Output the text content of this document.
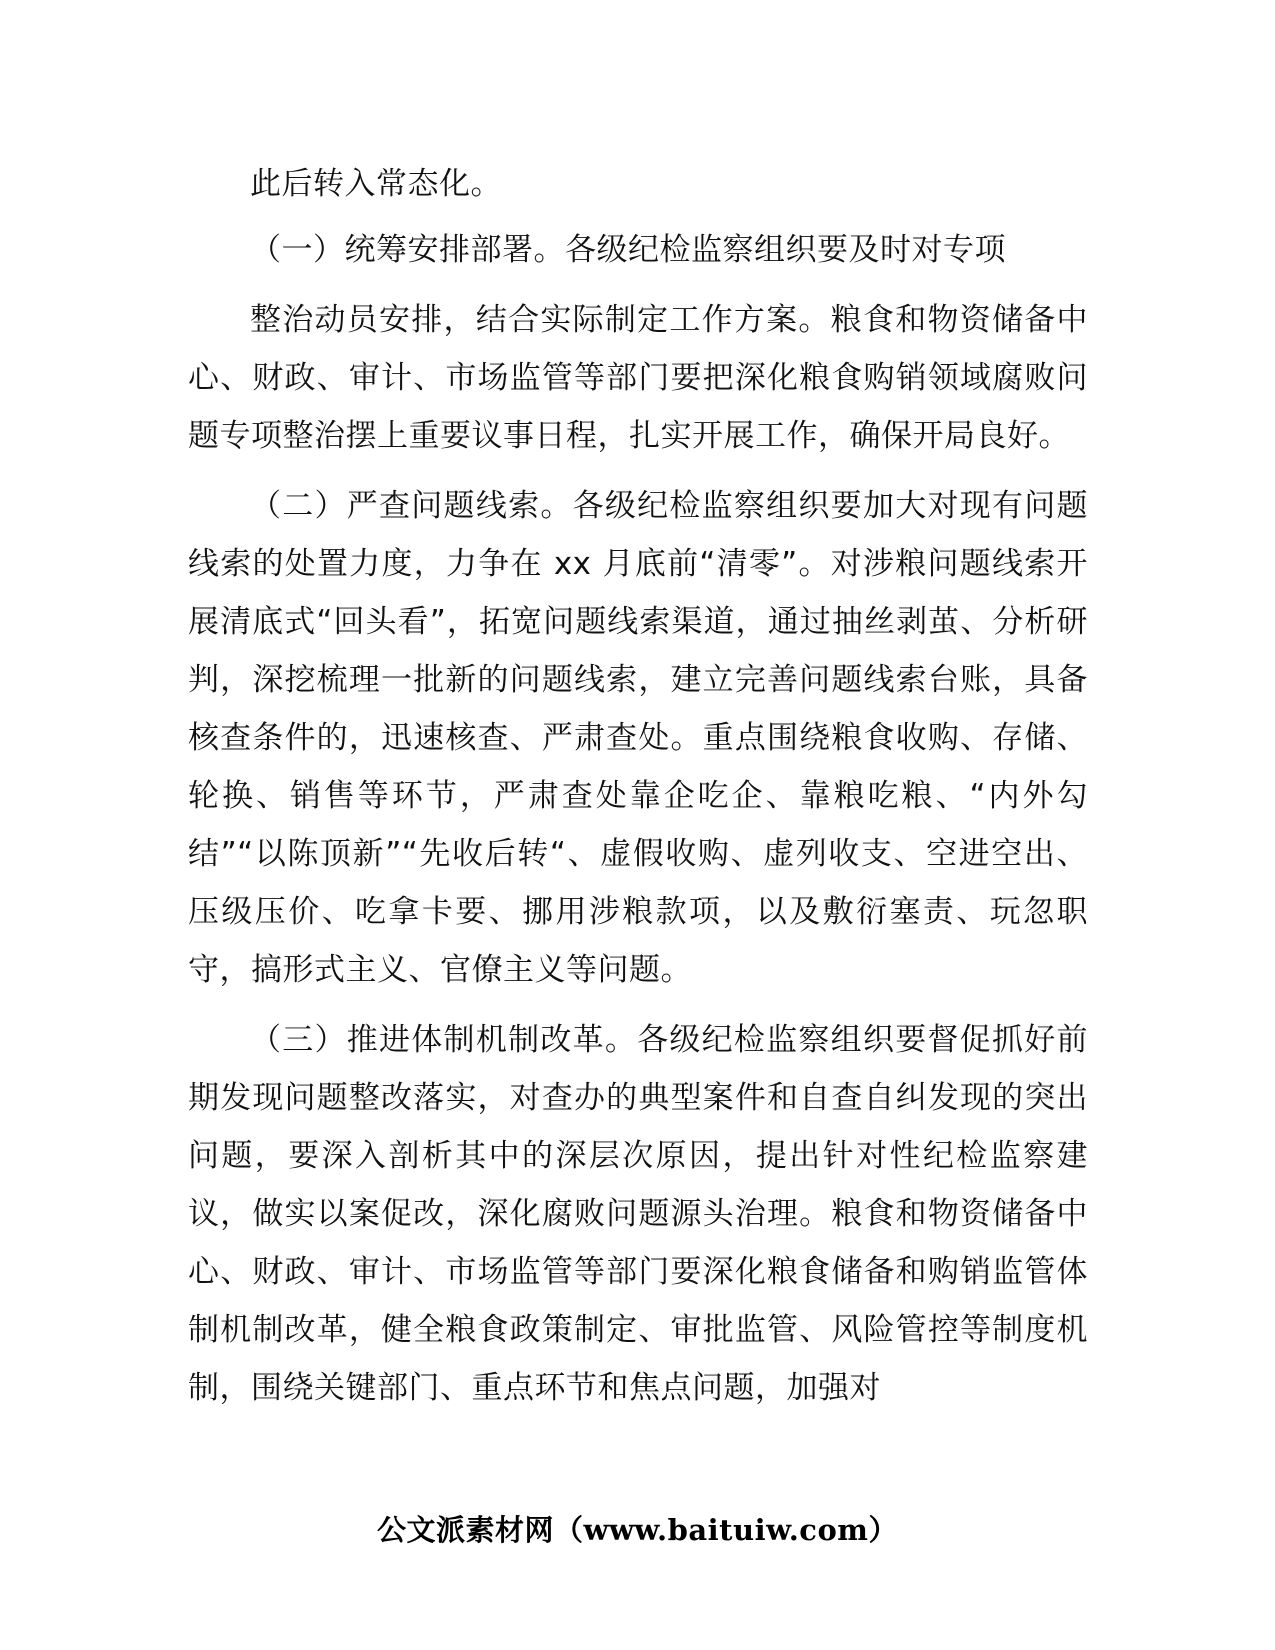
此后转入常态化。

（一）统筹安排部署。各级纪检监察组织要及时对专项

整治动员安排，结合实际制定工作方案。粮食和物资储备中心、财政、审计、市场监管等部门要把深化粮食购销领域腐败问题专项整治摆上重要议事日程，扎实开展工作，确保开局良好。

（二）严查问题线索。各级纪检监察组织要加大对现有问题线索的处置力度，力争在 xx 月底前“清零”。对涉粮问题线索开展清底式“回头看”，拓宽问题线索渠道，通过抽丝剥茧、分析研判，深挖梳理一批新的问题线索，建立完善问题线索台账，具备核查条件的，迅速核查、严肃查处。重点围绕粮食收购、存储、轮换、销售等环节，严肃查处靠企吃企、靠粮吃粮、“内外勾结”“以陈顶新”“先收后转“、虚假收购、虚列收支、空进空出、压级压价、吃拿卡要、挪用涉粮款项，以及敷衍塞责、玩忽职守，搞形式主义、官僚主义等问题。

（三）推进体制机制改革。各级纪检监察组织要督促抓好前期发现问题整改落实，对查办的典型案件和自查自纠发现的突出问题，要深入剖析其中的深层次原因，提出针对性纪检监察建议，做实以案促改，深化腐败问题源头治理。粮食和物资储备中心、财政、审计、市场监管等部门要深化粮食储备和购销监管体制机制改革，健全粮食政策制定、审批监管、风险管控等制度机制，围绕关键部门、重点环节和焦点问题，加强对

公文派素材网（www.baituiw.com）
